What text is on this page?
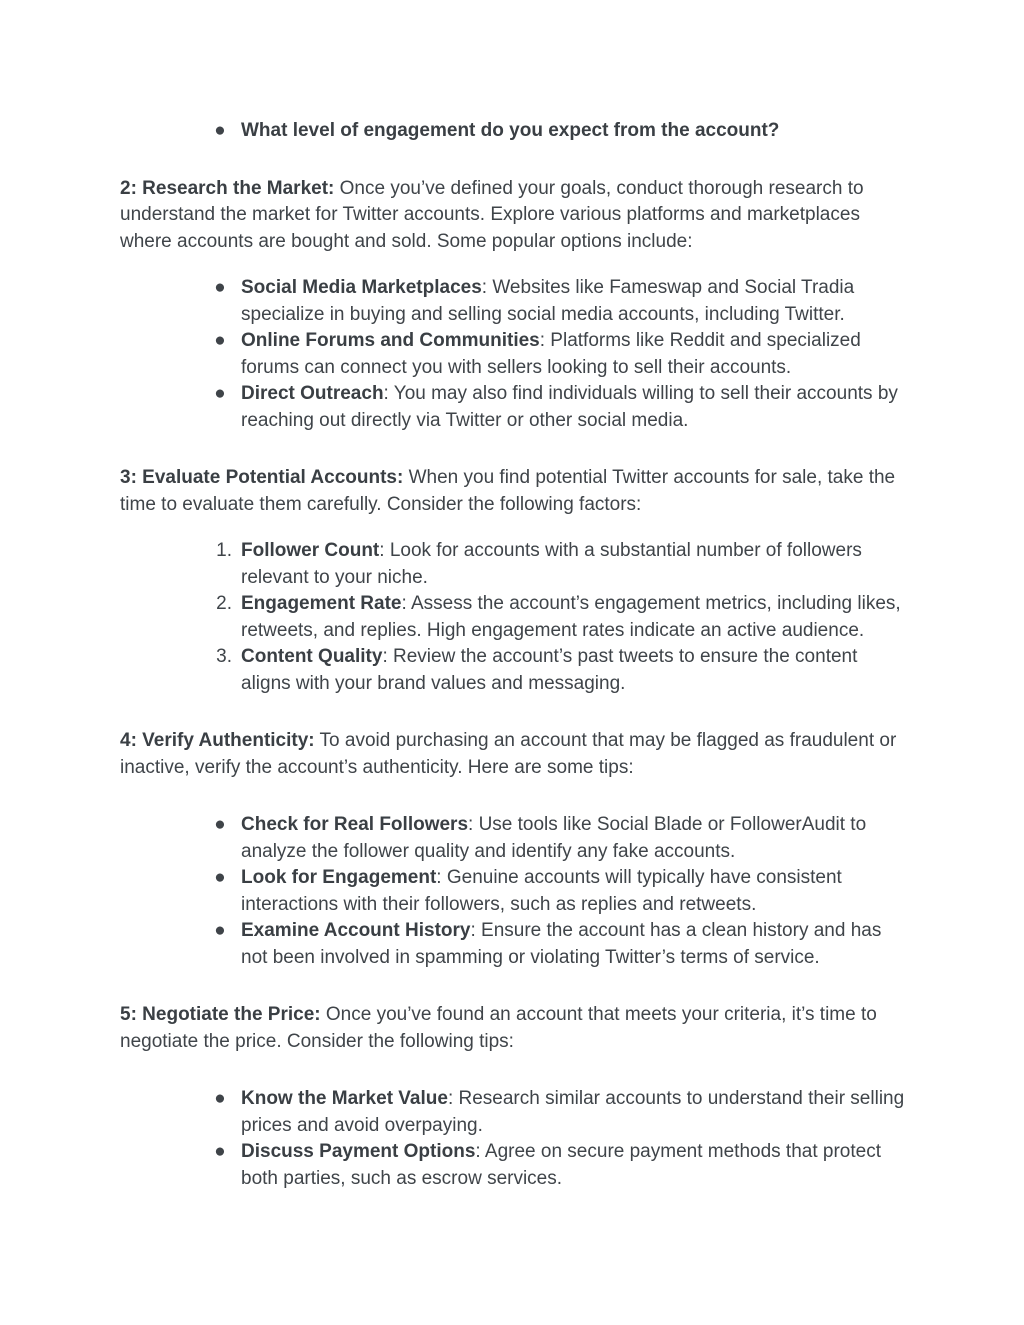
● What level of engagement do you expect from the account?

2: Research the Market: Once you’ve defined your goals, conduct thorough research to understand the market for Twitter accounts. Explore various platforms and marketplaces where accounts are bought and sold. Some popular options include:

● Social Media Marketplaces: Websites like Fameswap and Social Tradia specialize in buying and selling social media accounts, including Twitter.
● Online Forums and Communities: Platforms like Reddit and specialized forums can connect you with sellers looking to sell their accounts.
● Direct Outreach: You may also find individuals willing to sell their accounts by reaching out directly via Twitter or other social media.

3: Evaluate Potential Accounts: When you find potential Twitter accounts for sale, take the time to evaluate them carefully. Consider the following factors:

1. Follower Count: Look for accounts with a substantial number of followers relevant to your niche.
2. Engagement Rate: Assess the account’s engagement metrics, including likes, retweets, and replies. High engagement rates indicate an active audience.
3. Content Quality: Review the account’s past tweets to ensure the content aligns with your brand values and messaging.

4: Verify Authenticity: To avoid purchasing an account that may be flagged as fraudulent or inactive, verify the account’s authenticity. Here are some tips:

● Check for Real Followers: Use tools like Social Blade or FollowerAudit to analyze the follower quality and identify any fake accounts.
● Look for Engagement: Genuine accounts will typically have consistent interactions with their followers, such as replies and retweets.
● Examine Account History: Ensure the account has a clean history and has not been involved in spamming or violating Twitter’s terms of service.

5: Negotiate the Price: Once you’ve found an account that meets your criteria, it’s time to negotiate the price. Consider the following tips:

● Know the Market Value: Research similar accounts to understand their selling prices and avoid overpaying.
● Discuss Payment Options: Agree on secure payment methods that protect both parties, such as escrow services.
